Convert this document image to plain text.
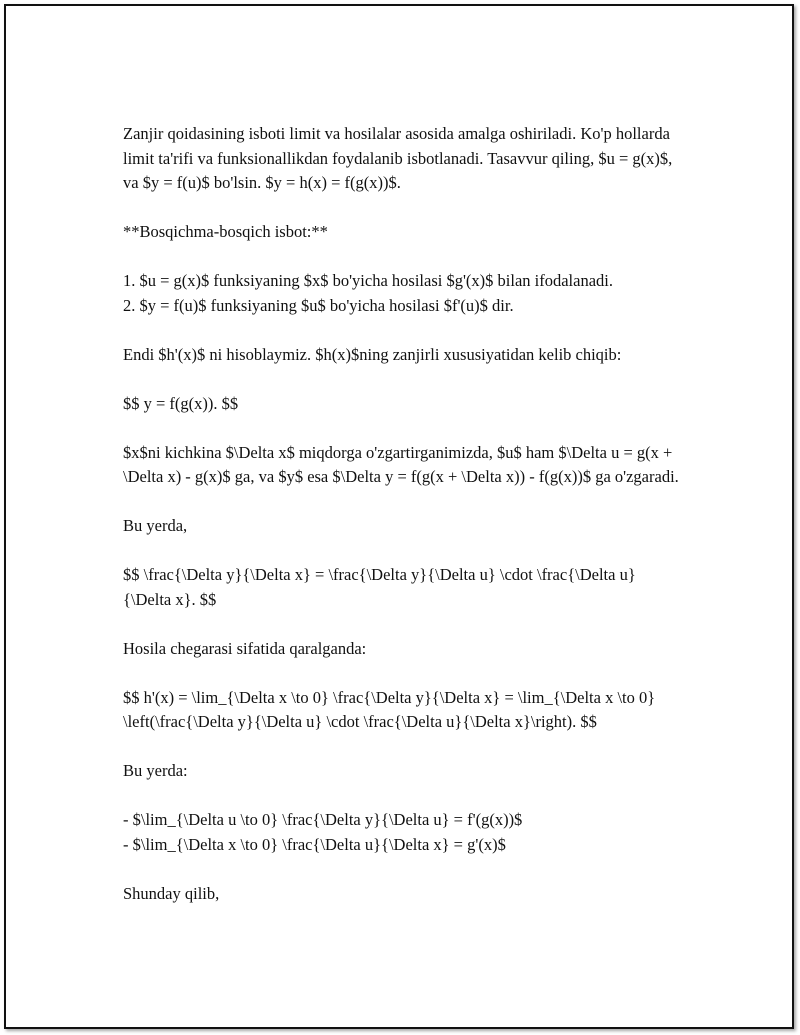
Zanjir qoidasining isboti limit va hosilalar asosida amalga oshiriladi. Ko'p hollarda limit ta'rifi va funksionallikdan foydalanib isbotlanadi. Tasavvur qiling, $u = g(x)$, va $y = f(u)$ bo'lsin. $y = h(x) = f(g(x))$.

**Bosqichma-bosqich isbot:**

1. $u = g(x)$ funksiyaning $x$ bo'yicha hosilasi $g'(x)$ bilan ifodalanadi.

2. $y = f(u)$ funksiyaning $u$ bo'yicha hosilasi $f'(u)$ dir.

Endi $h'(x)$ ni hisoblaymiz. $h(x)$ning zanjirli xususiyatidan kelib chiqib:

$$ y = f(g(x)). $$

$x$ni kichkina $\Delta x$ miqdorga o'zgartirganimizda, $u$ ham $\Delta u = g(x + \Delta x) - g(x)$ ga, va $y$ esa $\Delta y = f(g(x + \Delta x)) - f(g(x))$ ga o'zgaradi.

Bu yerda,

$$ \frac{\Delta y}{\Delta x} = \frac{\Delta y}{\Delta u} \cdot \frac{\Delta u}{\Delta x}. $$

Hosila chegarasi sifatida qaralganda:

$$ h'(x) = \lim_{\Delta x \to 0} \frac{\Delta y}{\Delta x} = \lim_{\Delta x \to 0} \left(\frac{\Delta y}{\Delta u} \cdot \frac{\Delta u}{\Delta x}\right). $$

Bu yerda:

- $\lim_{\Delta u \to 0} \frac{\Delta y}{\Delta u} = f'(g(x))$

- $\lim_{\Delta x \to 0} \frac{\Delta u}{\Delta x} = g'(x)$

Shunday qilib,
